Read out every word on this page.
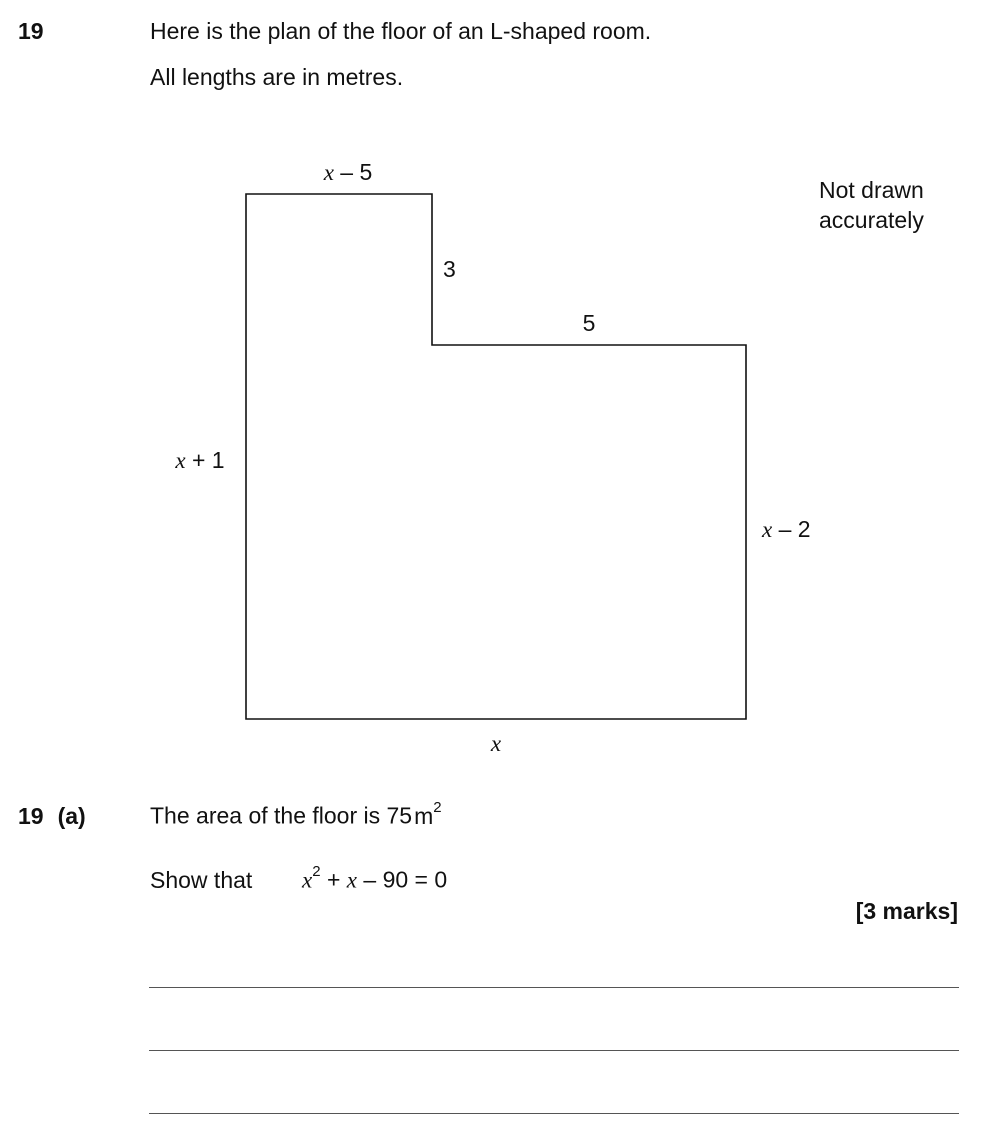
19	Here is the plan of the floor of an L-shaped room.
All lengths are in metres.
x – 5
3
5
x + 1
x – 2
x
Not drawn
accurately
19 (a)	The area of the floor is $75m^2$
Show that $x^2 + x - 90 = 0$
[3 marks]
